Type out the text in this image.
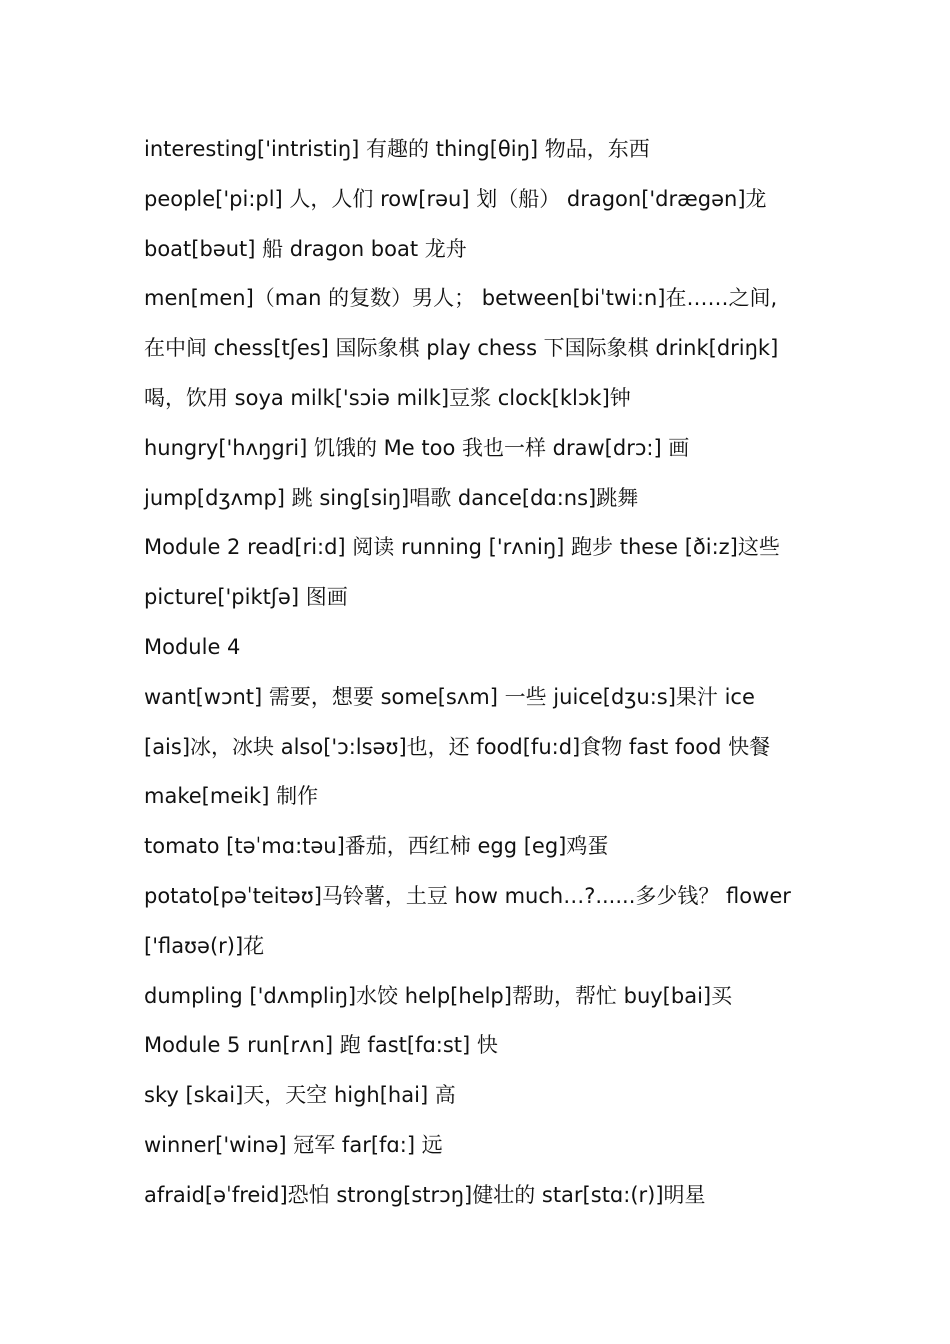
interesting['intristiŋ] 有趣的 thing[θiŋ] 物品，东西
people['pi:pl] 人，人们 row[rəu] 划（船） dragon['drægən]龙
boat[bəut] 船 dragon boat 龙舟
men[men]（man 的复数）男人； between[biˈtwi:n]在……之间,
在中间 chess[tʃes] 国际象棋 play chess 下国际象棋 drink[driŋk]
喝，饮用 soya milk['sɔiə milk]豆浆 clock[klɔk]钟
hungry['hʌŋgri] 饥饿的 Me too 我也一样 draw[drɔ:] 画
jump[dʒʌmp] 跳 sing[siŋ]唱歌 dance[dɑ:ns]跳舞
Module 2 read[ri:d] 阅读 running ['rʌniŋ] 跑步 these [ði:z]这些
picture['piktʃə] 图画
Module 4
want[wɔnt] 需要，想要 some[sʌm] 一些 juice[dʒu:s]果汁 ice
[ais]冰，冰块 also['ɔ:lsəʊ]也，还 food[fu:d]食物 fast food 快餐
make[meik] 制作
tomato [təˈmɑ:təu]番茄，西红柿 egg [eg]鸡蛋
potato[pəˈteitəʊ]马铃薯，土豆 how much…?......多少钱？ flower
['flaʊə(r)]花
dumpling ['dʌmpliŋ]水饺 help[help]帮助，帮忙 buy[bai]买
Module 5 run[rʌn] 跑 fast[fɑ:st] 快
sky [skai]天，天空 high[hai] 高
winner['winə] 冠军 far[fɑ:] 远
afraid[əˈfreid]恐怕 strong[strɔŋ]健壮的 star[stɑ:(r)]明星
